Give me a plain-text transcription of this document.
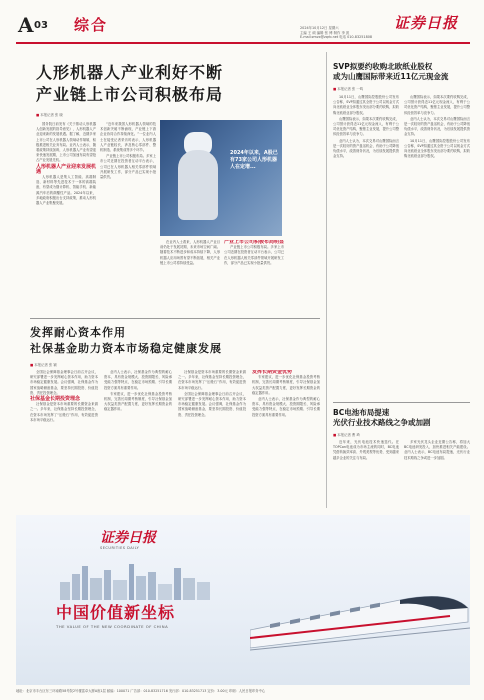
A 03 综合	2024年10月12日 星期六
主编 王 硕 编辑 张 博 制作 李 波
E-mail:zmzx@zqrb.net 电话 010-83251808
证券日报
人形机器人产业利好不断
产业链上市公司积极布局
■ 本报记者 张 晓

国务院日前发布《关于推动人形机器人创新发展的指导意见》，人形机器人产业迎来新的发展机遇。据了解，近期多家上市公司在人形机器人领域动作频频，积极推进相关业务布局。业内人士表示，随着政策持续加码，人形机器人产业有望迎来快速发展期，上市公司加速布局有望抢占产业发展先机。

人形机器人产业迎来发展机遇

人形机器人是集人工智能、高端制造、新材料等先进技术于一体的高端装备，有望成为继计算机、智能手机、新能源汽车后的颠覆性产品。2024年以来，多地政府积极出台支持政策，推动人形机器人产业集聚发展。

“近年来我国人形机器人领域的技术创新突破不断涌现，产业链上下游企业协同合作持续深化。”一位业内人士在接受记者采访时表示，人形机器人产业链较长，涉及核心零部件、整机制造、系统集成等多个环节。

产业链上市公司积极布局。多家上市公司近期在投资者互动平台表示，公司已在人形机器人相关零部件领域开展研发工作，部分产品已实现小批量供货。

2024年以来，A股已有73家公司人形机器人在定增...

在业内人士看来，人形机器人产业目前仍处于发展初期，未来市场空间广阔。随着技术不断进步和成本持续下降，人形机器人应用场景有望不断拓展，相关产业链上市公司将持续受益。

产业上市公司积极布局明显

产业链上市公司积极布局。多家上市公司近期在投资者互动平台表示，公司已在人形机器人相关零部件领域开展研发工作，部分产品已实现小批量供货。

发挥耐心资本作用
社保基金助力资本市场稳定健康发展
■ 本报记者 张 颖

全国社会保障基金理事会日前召开会议，研究部署进一步发挥耐心资本作用，助力资本市场稳定健康发展。会议强调，社保基金作为国家战略储备基金，要坚持长期投资、价值投资、责任投资理念。

社保基金长期投资理念

社保基金是资本市场重要的长期资金来源之一。多年来，社保基金坚持长期投资理念，在资本市场发挥了“压舱石”作用，有效促进资本市场平稳运行。

业内人士表示，社保基金作为典型的耐心资本，具有资金规模大、投资期限长、风险承受能力强等特点，在稳定市场预期、引导长期投资方面具有重要作用。

专家建议，进一步优化社保基金投资考核机制，完善长周期考核制度，引导社保基金加大权益类资产配置力度，更好发挥长期资金的稳定器作用。

社保基金是资本市场重要的长期资金来源之一。多年来，社保基金坚持长期投资理念，在资本市场发挥了“压舱石”作用，有效促进资本市场平稳运行。

全国社会保障基金理事会日前召开会议，研究部署进一步发挥耐心资本作用，助力资本市场稳定健康发展。会议强调，社保基金作为国家战略储备基金，要坚持长期投资、价值投资、责任投资理念。

发挥长期资金优势

专家建议，进一步优化社保基金投资考核机制，完善长周期考核制度，引导社保基金加大权益类资产配置力度，更好发挥长期资金的稳定器作用。

业内人士表示，社保基金作为典型的耐心资本，具有资金规模大、投资期限长、风险承受能力强等特点，在稳定市场预期、引导长期投资方面具有重要作用。

SVP拟要约收购北欧纸业股权
或为山鹰国际带来近11亿元现金流
■ 本报记者 张 一鸣

10月11日，山鹰国际控股股份公司发布公告称，SVP拟通过其全资子公司以现金方式向北欧纸业全体股东发出部分要约收购，拟收购北欧纸业部分股权。

山鹰国际表示，如果本次要约收购完成，公司预计获得近11亿元现金流入，有利于公司优化资产结构，聚焦主业发展，提升公司整体经营效率与竞争力。

业内人士认为，本次交易对山鹰国际而言是一次较好的资产盘活机会，有助于公司降低负债水平，改善财务状况，为后续发展提供资金支持。

山鹰国际表示，如果本次要约收购完成，公司预计获得近11亿元现金流入，有利于公司优化资产结构，聚焦主业发展，提升公司整体经营效率与竞争力。

业内人士认为，本次交易对山鹰国际而言是一次较好的资产盘活机会，有助于公司降低负债水平，改善财务状况，为后续发展提供资金支持。

10月11日，山鹰国际控股股份公司发布公告称，SVP拟通过其全资子公司以现金方式向北欧纸业全体股东发出部分要约收购，拟收购北欧纸业部分股权。

BC电池布局提速
光伏行业技术路线之争或加剧
■ 本报记者 曹 琦

近年来，光伏电池技术快速迭代。在TOPCon电池成为市场主流的同时，BC电池凭借转换效率高、外观美观等优势，受到越来越多企业的关注与布局。

多家光伏龙头企业近期公告称，将加大BC电池研发投入，加快推进相关产能建设。业内人士表示，BC电池布局提速，光伏行业技术路线之争或进一步加剧。

证券日报
SECURITIES DAILY
中国价值新坐标
THE VALUE OF THE NEW COORDINATE OF CHINA
地址：北京市丰台区东三环南路58号院2号楼富卓大厦A座1层 邮编：100071 广告部：010-83251716 发行部：010-83251713 定价：3.00元 印刷：人民日报印务中心
